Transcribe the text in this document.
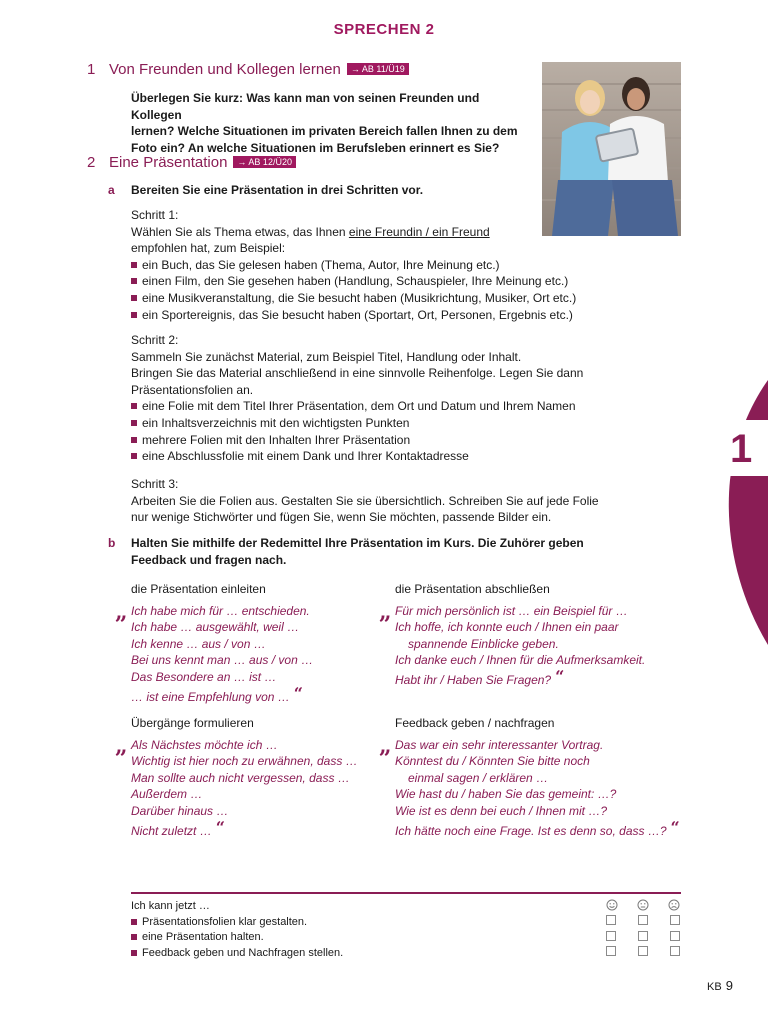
SPRECHEN 2
1 Von Freunden und Kollegen lernen → AB 11/Ü19
Überlegen Sie kurz: Was kann man von seinen Freunden und Kollegen
lernen? Welche Situationen im privaten Bereich fallen Ihnen zu dem
Foto ein? An welche Situationen im Berufsleben erinnert es Sie?
2 Eine Präsentation → AB 12/Ü20
a Bereiten Sie eine Präsentation in drei Schritten vor.
Schritt 1:
Wählen Sie als Thema etwas, das Ihnen eine Freundin / ein Freund
empfohlen hat, zum Beispiel:
ein Buch, das Sie gelesen haben (Thema, Autor, Ihre Meinung etc.)
einen Film, den Sie gesehen haben (Handlung, Schauspieler, Ihre Meinung etc.)
eine Musikveranstaltung, die Sie besucht haben (Musikrichtung, Musiker, Ort etc.)
ein Sportereignis, das Sie besucht haben (Sportart, Ort, Personen, Ergebnis etc.)
Schritt 2:
Sammeln Sie zunächst Material, zum Beispiel Titel, Handlung oder Inhalt.
Bringen Sie das Material anschließend in eine sinnvolle Reihenfolge. Legen Sie dann
Präsentationsfolien an.
eine Folie mit dem Titel Ihrer Präsentation, dem Ort und Datum und Ihrem Namen
ein Inhaltsverzeichnis mit den wichtigsten Punkten
mehrere Folien mit den Inhalten Ihrer Präsentation
eine Abschlussfolie mit einem Dank und Ihrer Kontaktadresse
Schritt 3:
Arbeiten Sie die Folien aus. Gestalten Sie sie übersichtlich. Schreiben Sie auf jede Folie
nur wenige Stichwörter und fügen Sie, wenn Sie möchten, passende Bilder ein.
b Halten Sie mithilfe der Redemittel Ihre Präsentation im Kurs. Die Zuhörer geben
Feedback und fragen nach.
die Präsentation einleiten
„ Ich habe mich für … entschieden.
Ich habe … ausgewählt, weil …
Ich kenne … aus / von …
Bei uns kennt man … aus / von …
Das Besondere an … ist …
… ist eine Empfehlung von … “
die Präsentation abschließen
„ Für mich persönlich ist … ein Beispiel für …
Ich hoffe, ich konnte euch / Ihnen ein paar
spannende Einblicke geben.
Ich danke euch / Ihnen für die Aufmerksamkeit.
Habt ihr / Haben Sie Fragen? “
Übergänge formulieren
„ Als Nächstes möchte ich …
Wichtig ist hier noch zu erwähnen, dass …
Man sollte auch nicht vergessen, dass …
Außerdem …
Darüber hinaus …
Nicht zuletzt … “
Feedback geben / nachfragen
„ Das war ein sehr interessanter Vortrag.
Könntest du / Könnten Sie bitte noch
einmal sagen / erklären …
Wie hast du / haben Sie das gemeint: …?
Wie ist es denn bei euch / Ihnen mit …?
Ich hätte noch eine Frage. Ist es denn so, dass …? “
Ich kann jetzt …
Präsentationsfolien klar gestalten.
eine Präsentation halten.
Feedback geben und Nachfragen stellen.
1
KB 9
